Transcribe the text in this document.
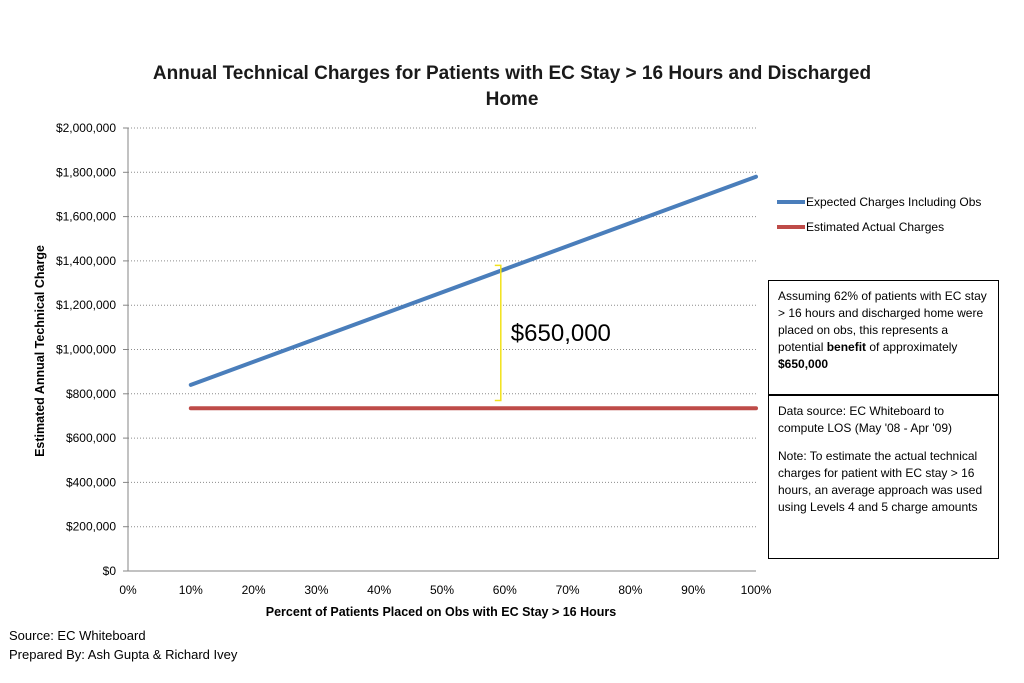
Annual Technical Charges for Patients with EC Stay > 16 Hours and Discharged
Home
$0
$200,000
$400,000
$600,000
$800,000
$1,000,000
$1,200,000
$1,400,000
$1,600,000
$1,800,000
$2,000,000
0%	10%	20%	30%	40%	50%	60%	70%	80%	90%	100%
Percent of Patients Placed on Obs with EC Stay > 16 Hours
Estimated Annual Technical Charge	$650,000
Expected Charges Including Obs
Estimated Actual Charges

Assuming 62% of patients with EC stay > 16 hours and discharged home were placed on obs, this represents a potential benefit of approximately $650,000

Data source: EC Whiteboard to compute LOS (May '08 - Apr '09)

Note: To estimate the actual technical charges for patient with EC stay > 16 hours, an average approach was used using Levels 4 and 5 charge amounts

Source: EC Whiteboard
Prepared By: Ash Gupta & Richard Ivey
